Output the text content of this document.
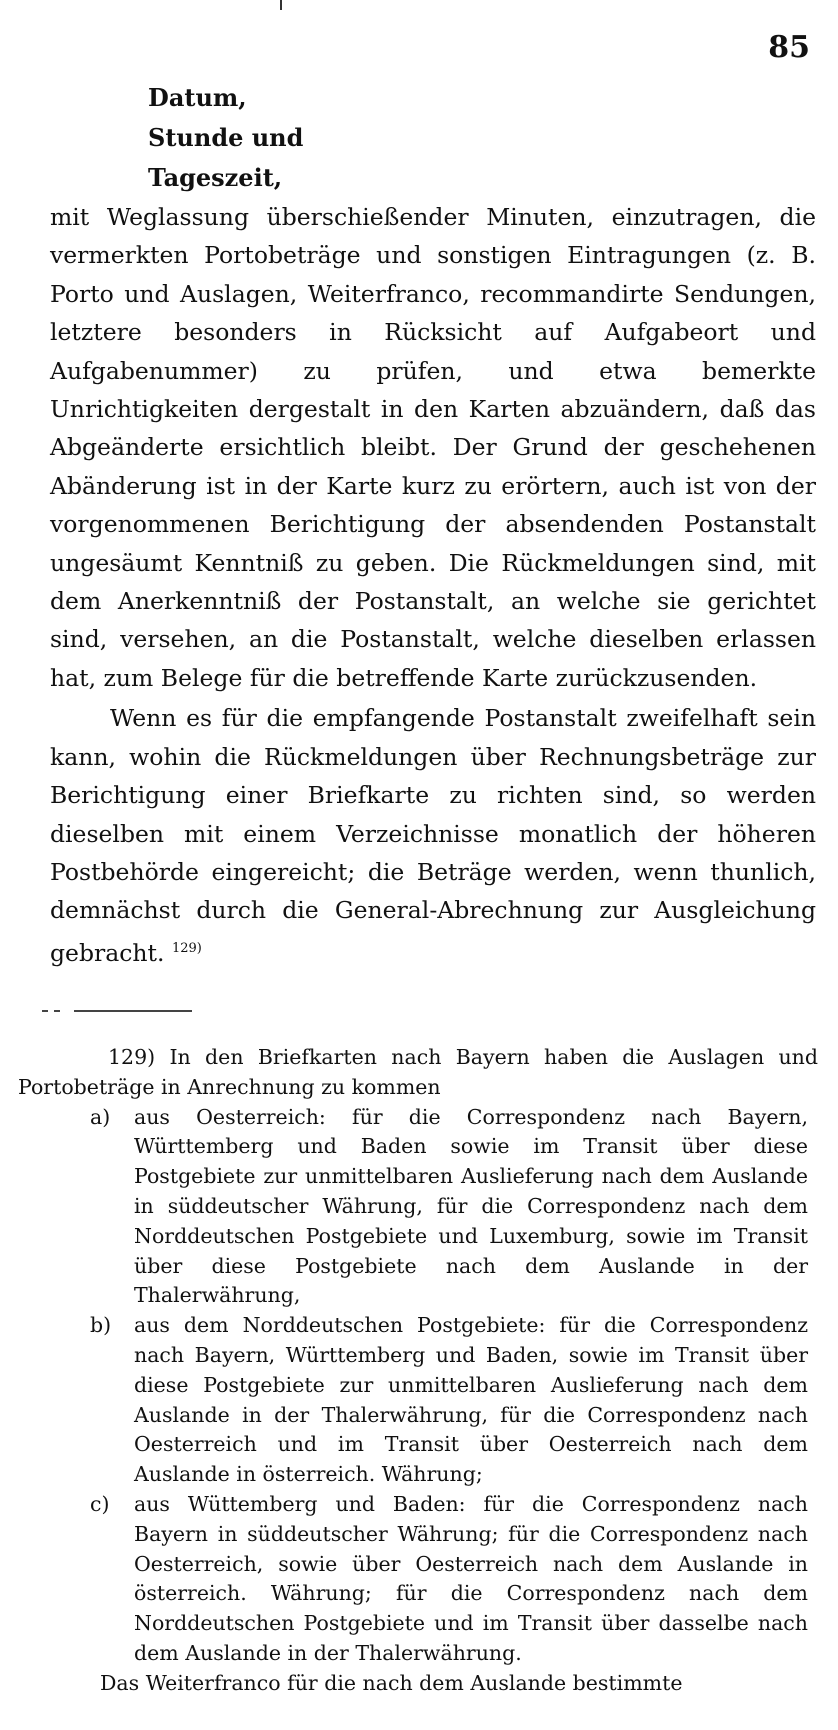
85
Datum,
Stunde und
Tageszeit,

mit Weglassung überschießender Minuten, einzutragen, die vermerkten Portobeträge und sonstigen Eintragungen (z. B. Porto und Auslagen, Weiterfranco, recommandirte Sendungen, letztere besonders in Rücksicht auf Aufgabeort und Aufgabenummer) zu prüfen, und etwa bemerkte Unrichtigkeiten dergestalt in den Karten abzuändern, daß das Abgeänderte ersichtlich bleibt. Der Grund der geschehenen Abänderung ist in der Karte kurz zu erörtern, auch ist von der vorgenommenen Berichtigung der absendenden Postanstalt ungesäumt Kenntniß zu geben. Die Rückmeldungen sind, mit dem Anerkenntniß der Postanstalt, an welche sie gerichtet sind, versehen, an die Postanstalt, welche dieselben erlassen hat, zum Belege für die betreffende Karte zurückzusenden.

Wenn es für die empfangende Postanstalt zweifelhaft sein kann, wohin die Rückmeldungen über Rechnungsbeträge zur Berichtigung einer Briefkarte zu richten sind, so werden dieselben mit einem Verzeichnisse monatlich der höheren Postbehörde eingereicht; die Beträge werden, wenn thunlich, demnächst durch die General-Abrechnung zur Ausgleichung gebracht. $^{129)}$

129) In den Briefkarten nach Bayern haben die Auslagen und Portobeträge in Anrechnung zu kommen

a) aus Oesterreich: für die Correspondenz nach Bayern, Württemberg und Baden sowie im Transit über diese Postgebiete zur unmittelbaren Auslieferung nach dem Auslande in süddeutscher Währung, für die Correspondenz nach dem Norddeutschen Postgebiete und Luxemburg, sowie im Transit über diese Postgebiete nach dem Auslande in der Thalerwährung,
b) aus dem Norddeutschen Postgebiete: für die Correspondenz nach Bayern, Württemberg und Baden, sowie im Transit über diese Postgebiete zur unmittelbaren Auslieferung nach dem Auslande in der Thalerwährung, für die Correspondenz nach Oesterreich und im Transit über Oesterreich nach dem Auslande in österreich. Währung;
c) aus Wüttemberg und Baden: für die Correspondenz nach Bayern in süddeutscher Währung; für die Correspondenz nach Oesterreich, sowie über Oesterreich nach dem Auslande in österreich. Währung; für die Correspondenz nach dem Norddeutschen Postgebiete und im Transit über dasselbe nach dem Auslande in der Thalerwährung.

Das Weiterfranco für die nach dem Auslande bestimmte
